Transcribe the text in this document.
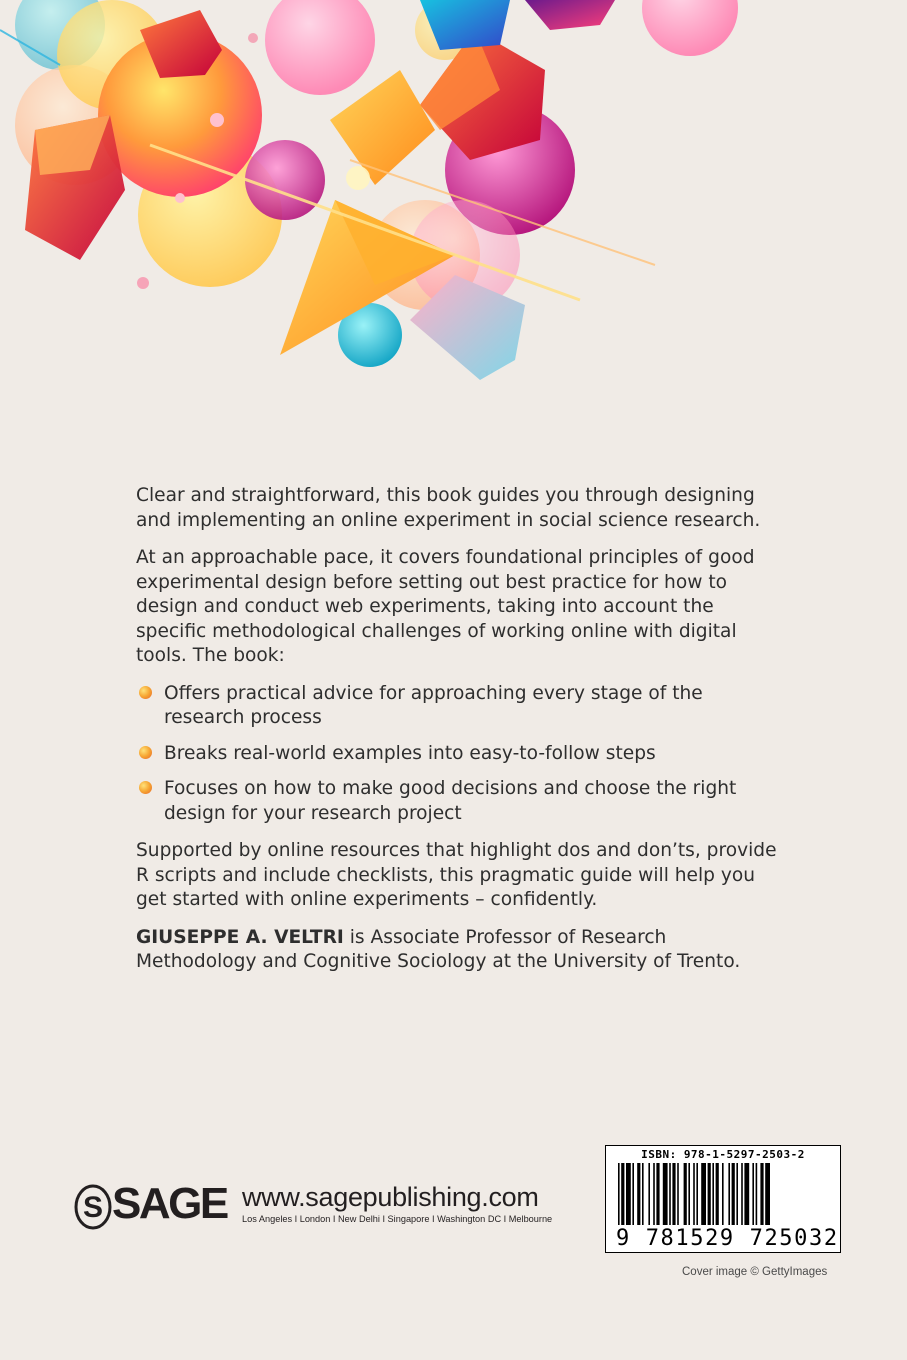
Clear and straightforward, this book guides you through designing and implementing an online experiment in social science research.

At an approachable pace, it covers foundational principles of good experimental design before setting out best practice for how to design and conduct web experiments, taking into account the specific methodological challenges of working online with digital tools. The book:

Offers practical advice for approaching every stage of the research process
Breaks real-world examples into easy-to-follow steps
Focuses on how to make good decisions and choose the right design for your research project

Supported by online resources that highlight dos and don’ts, provide R scripts and include checklists, this pragmatic guide will help you get started with online experiments – confidently.

GIUSEPPE A. VELTRI is Associate Professor of Research Methodology and Cognitive Sociology at the University of Trento.

S SAGE www.sagepublishing.com
Los Angeles I London I New Delhi I Singapore I Washington DC I Melbourne
ISBN: 978-1-5297-2503-2
9 781529 725032
Cover image © GettyImages
